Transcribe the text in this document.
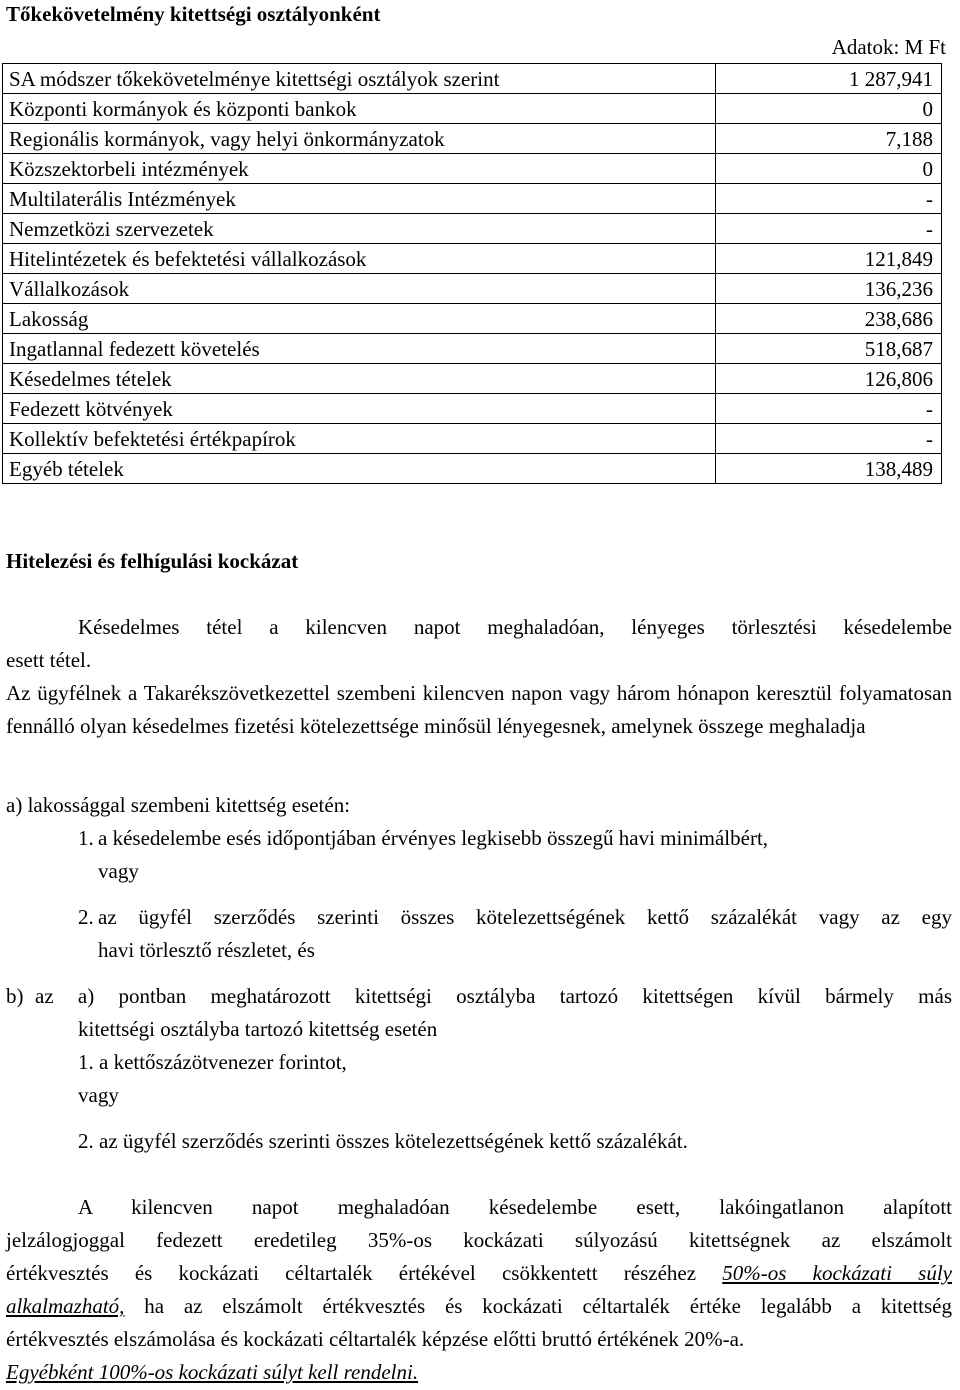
Tőkekövetelmény kitettségi osztályonként
Adatok: M Ft
SA módszer tőkekövetelménye kitettségi osztályok szerint	1 287,941
Központi kormányok és központi bankok	0
Regionális kormányok, vagy helyi önkormányzatok	7,188
Közszektorbeli intézmények	0
Multilaterális Intézmények	-
Nemzetközi szervezetek	-
Hitelintézetek és befektetési vállalkozások	121,849
Vállalkozások	136,236
Lakosság	238,686
Ingatlannal fedezett követelés	518,687
Késedelmes tételek	126,806
Fedezett kötvények	-
Kollektív befektetési értékpapírok	-
Egyéb tételek	138,489
Hitelezési és felhígulási kockázat
Késedelmes tétel a kilencven napot meghaladóan, lényeges törlesztési késedelembe
esett tétel.
Az ügyfélnek a Takarékszövetkezettel szembeni kilencven napon vagy három hónapon keresztül folyamatosan fennálló olyan késedelmes fizetési kötelezettsége minősül lényegesnek, amelynek összege meghaladja
a) lakossággal szembeni kitettség esetén:
1. a késedelembe esés időpontjában érvényes legkisebb összegű havi minimálbért,
vagy
2. az ügyfél szerződés szerinti összes kötelezettségének kettő százalékát vagy az egy
havi törlesztő részletet, és
b) az a) pontban meghatározott kitettségi osztályba tartozó kitettségen kívül bármely más
kitettségi osztályba tartozó kitettség esetén
1. a kettőszázötvenezer forintot,
vagy
2. az ügyfél szerződés szerinti összes kötelezettségének kettő százalékát.
A kilencven napot meghaladóan késedelembe esett, lakóingatlanon alapított
jelzálogjoggal fedezett eredetileg 35%-os kockázati súlyozású kitettségnek az elszámolt
értékvesztés és kockázati céltartalék értékével csökkentett részéhez 50%-os kockázati súly
alkalmazható, ha az elszámolt értékvesztés és kockázati céltartalék értéke legalább a kitettség
értékvesztés elszámolása és kockázati céltartalék képzése előtti bruttó értékének 20%-a.
Egyébként 100%-os kockázati súlyt kell rendelni.
